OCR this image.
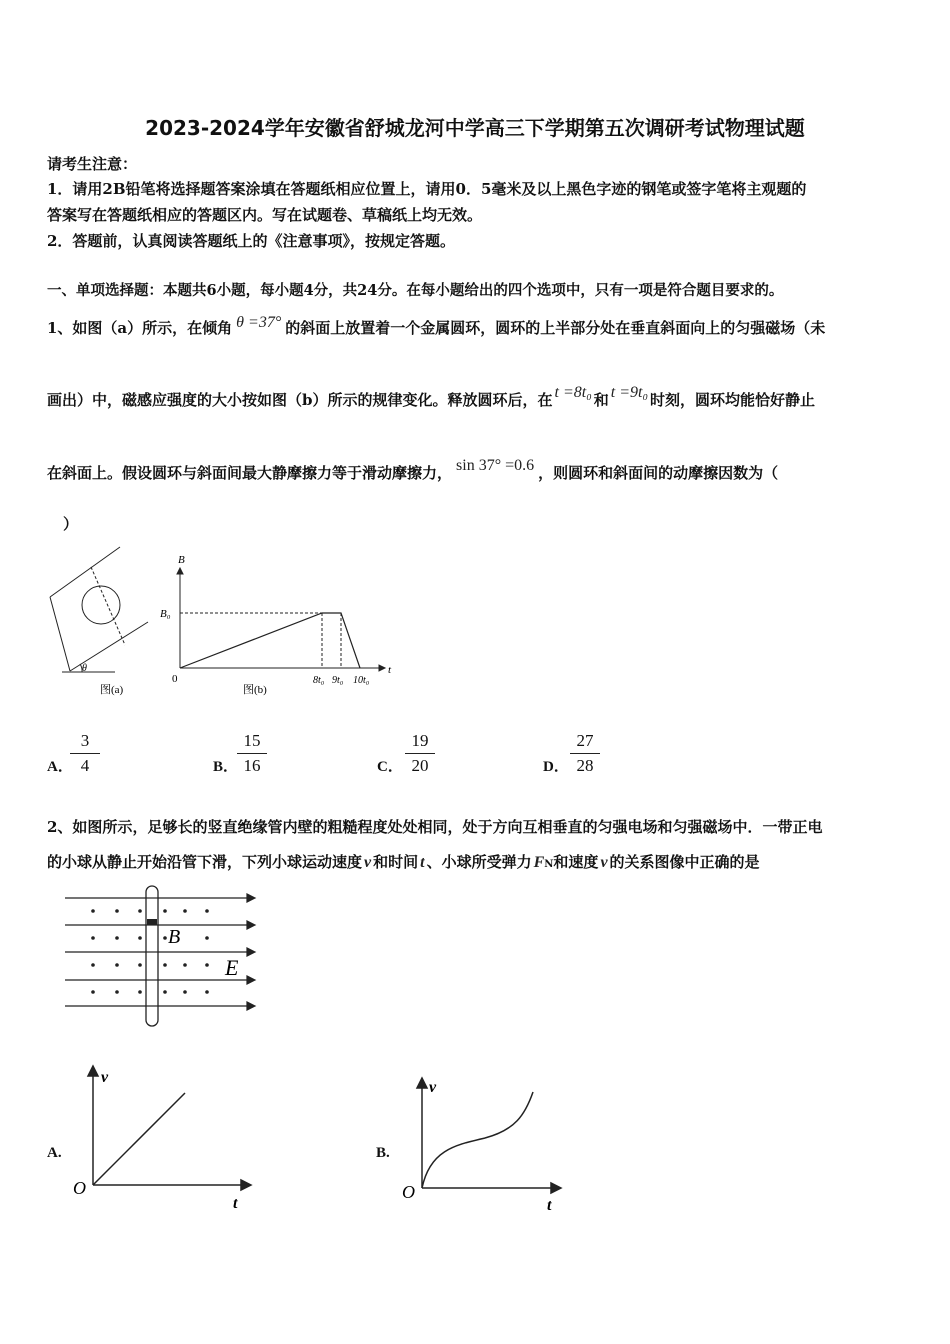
2023-2024学年安徽省舒城龙河中学高三下学期第五次调研考试物理试题
请考生注意：
1．请用2B铅笔将选择题答案涂填在答题纸相应位置上，请用0．5毫米及以上黑色字迹的钢笔或签字笔将主观题的
答案写在答题纸相应的答题区内。写在试题卷、草稿纸上均无效。
2．答题前，认真阅读答题纸上的《注意事项》，按规定答题。
一、单项选择题：本题共6小题，每小题4分，共24分。在每小题给出的四个选项中，只有一项是符合题目要求的。
1、如图（a）所示，在倾角 θ =37° 的斜面上放置着一个金属圆环，圆环的上半部分处在垂直斜面向上的匀强磁场（未
画出）中，磁感应强度的大小按如图（b）所示的规律变化。释放圆环后，在 t =8t₀ 和 t =9t₀ 时刻，圆环均能恰好静止
在斜面上。假设圆环与斜面间最大静摩擦力等于滑动摩擦力， sin 37° =0.6 ，则圆环和斜面间的动摩擦因数为（
）
θ
图(a)
B
t
0
B₀
8t₀ 9t₀ 10t₀
图(b)
A．
3
4	B．
15
16	C．
19
20	D．
27
28
2、如图所示，足够长的竖直绝缘管内壁的粗糙程度处处相同，处于方向互相垂直的匀强电场和匀强磁场中．一带正电
的小球从静止开始沿管下滑，下列小球运动速度 v 和时间 t 、小球所受弹力 FN和速度 v 的关系图像中正确的是
B
E
A.
v
t
O
B.
v
t
O
